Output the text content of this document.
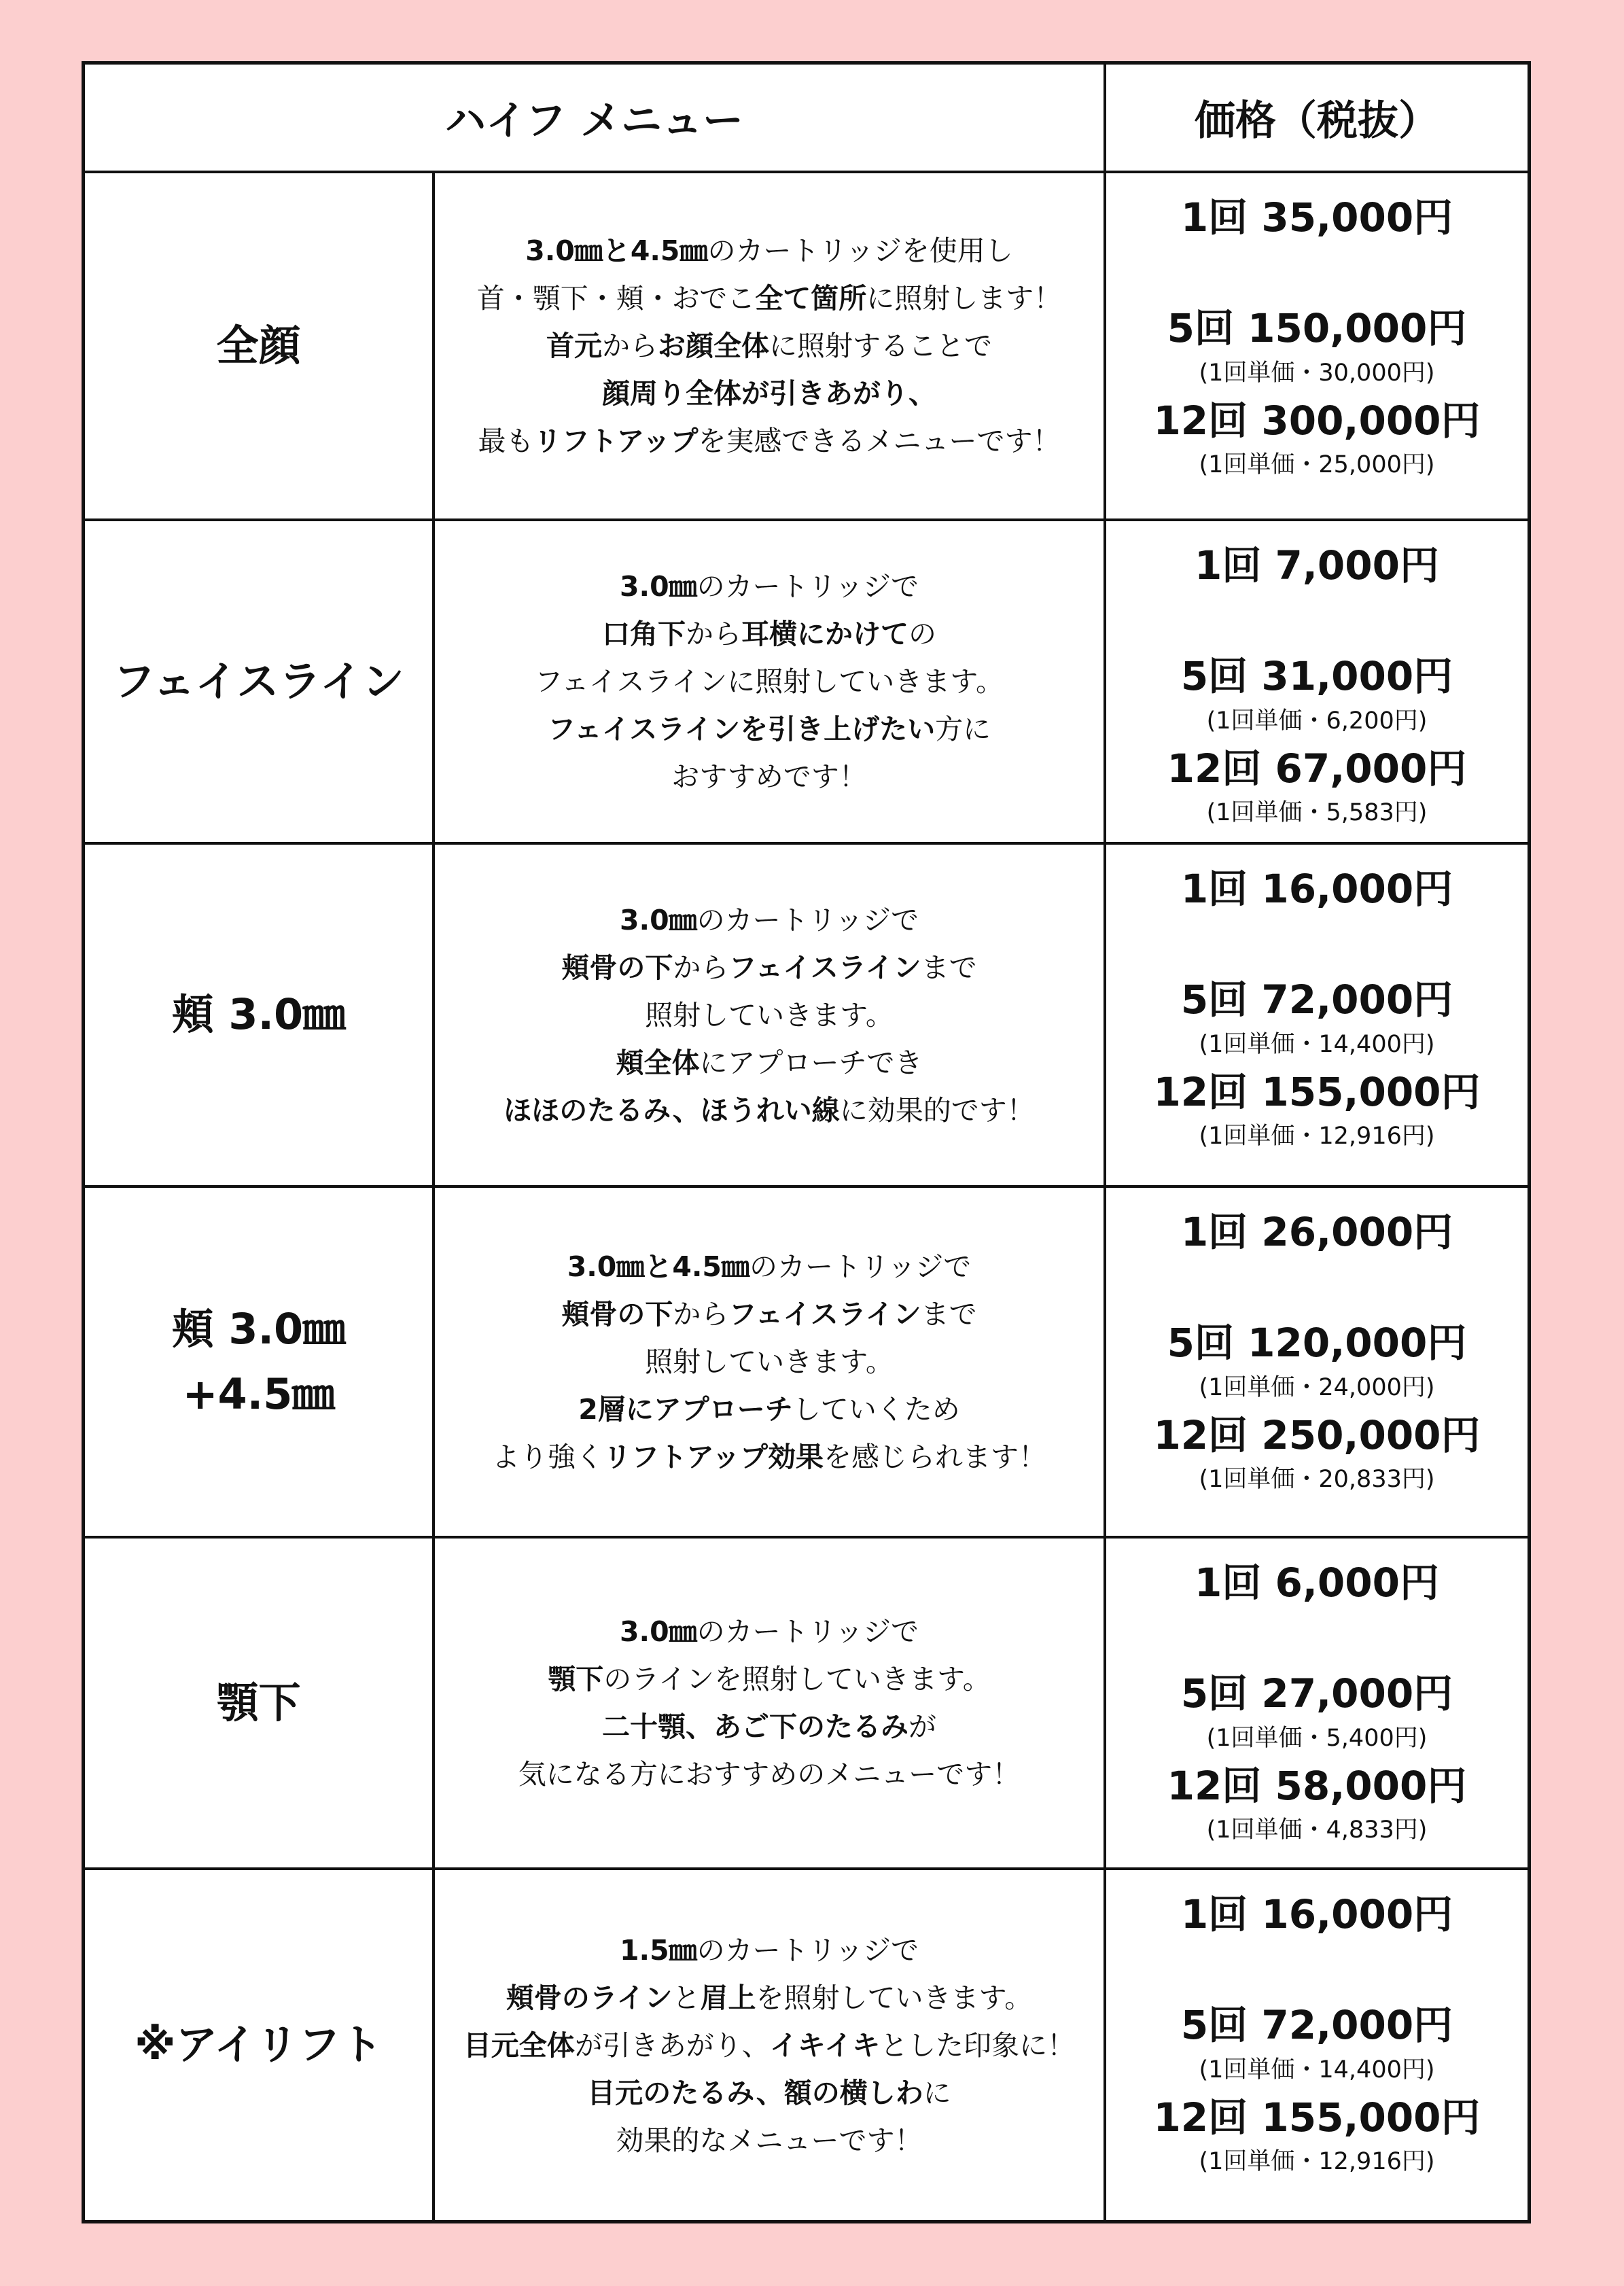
ハイフ メニュー	価格（税抜）
全顔
3.0㎜と4.5㎜のカートリッジを使用し
首・顎下・頬・おでこ全て箇所に照射します！
首元からお顔全体に照射することで
顔周り全体が引きあがり、
最もリフトアップを実感できるメニューです！
1回 35,000円
5回 150,000円
(1回単価・30,000円)
12回 300,000円
(1回単価・25,000円)
フェイスライン
3.0㎜のカートリッジで
口角下から耳横にかけての
フェイスラインに照射していきます。
フェイスラインを引き上げたい方に
おすすめです！
1回 7,000円
5回 31,000円
(1回単価・6,200円)
12回 67,000円
(1回単価・5,583円)
頬 3.0㎜
3.0㎜のカートリッジで
頬骨の下からフェイスラインまで
照射していきます。
頬全体にアプローチでき
ほほのたるみ、ほうれい線に効果的です！
1回 16,000円
5回 72,000円
(1回単価・14,400円)
12回 155,000円
(1回単価・12,916円)
頬 3.0㎜
+4.5㎜
3.0㎜と4.5㎜のカートリッジで
頬骨の下からフェイスラインまで
照射していきます。
2層にアプローチしていくため
より強くリフトアップ効果を感じられます！
1回 26,000円
5回 120,000円
(1回単価・24,000円)
12回 250,000円
(1回単価・20,833円)
顎下
3.0㎜のカートリッジで
顎下のラインを照射していきます。
二十顎、あご下のたるみが
気になる方におすすめのメニューです！
1回 6,000円
5回 27,000円
(1回単価・5,400円)
12回 58,000円
(1回単価・4,833円)
※アイリフト
1.5㎜のカートリッジで
頬骨のラインと眉上を照射していきます。
目元全体が引きあがり、イキイキとした印象に！
目元のたるみ、額の横しわに
効果的なメニューです！
1回 16,000円
5回 72,000円
(1回単価・14,400円)
12回 155,000円
(1回単価・12,916円)
